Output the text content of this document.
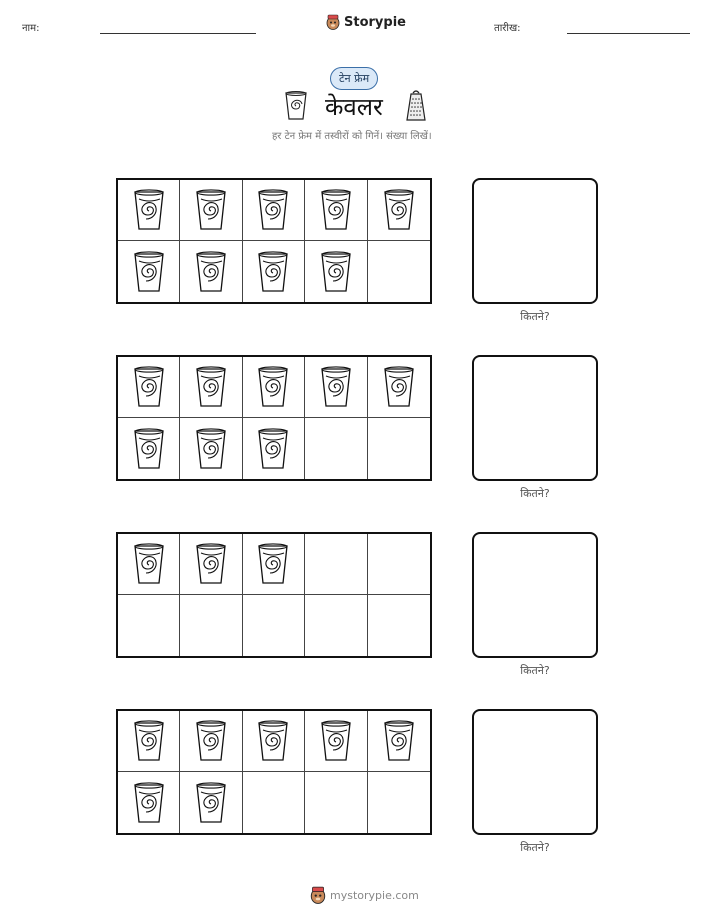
नाम:	Storypie	तारीख:
टेन फ्रेम
केवलर
हर टेन फ्रेम में तस्वीरों को गिनें। संख्या लिखें।
कितने?
कितने?
कितने?
कितने?
mystorypie.com
